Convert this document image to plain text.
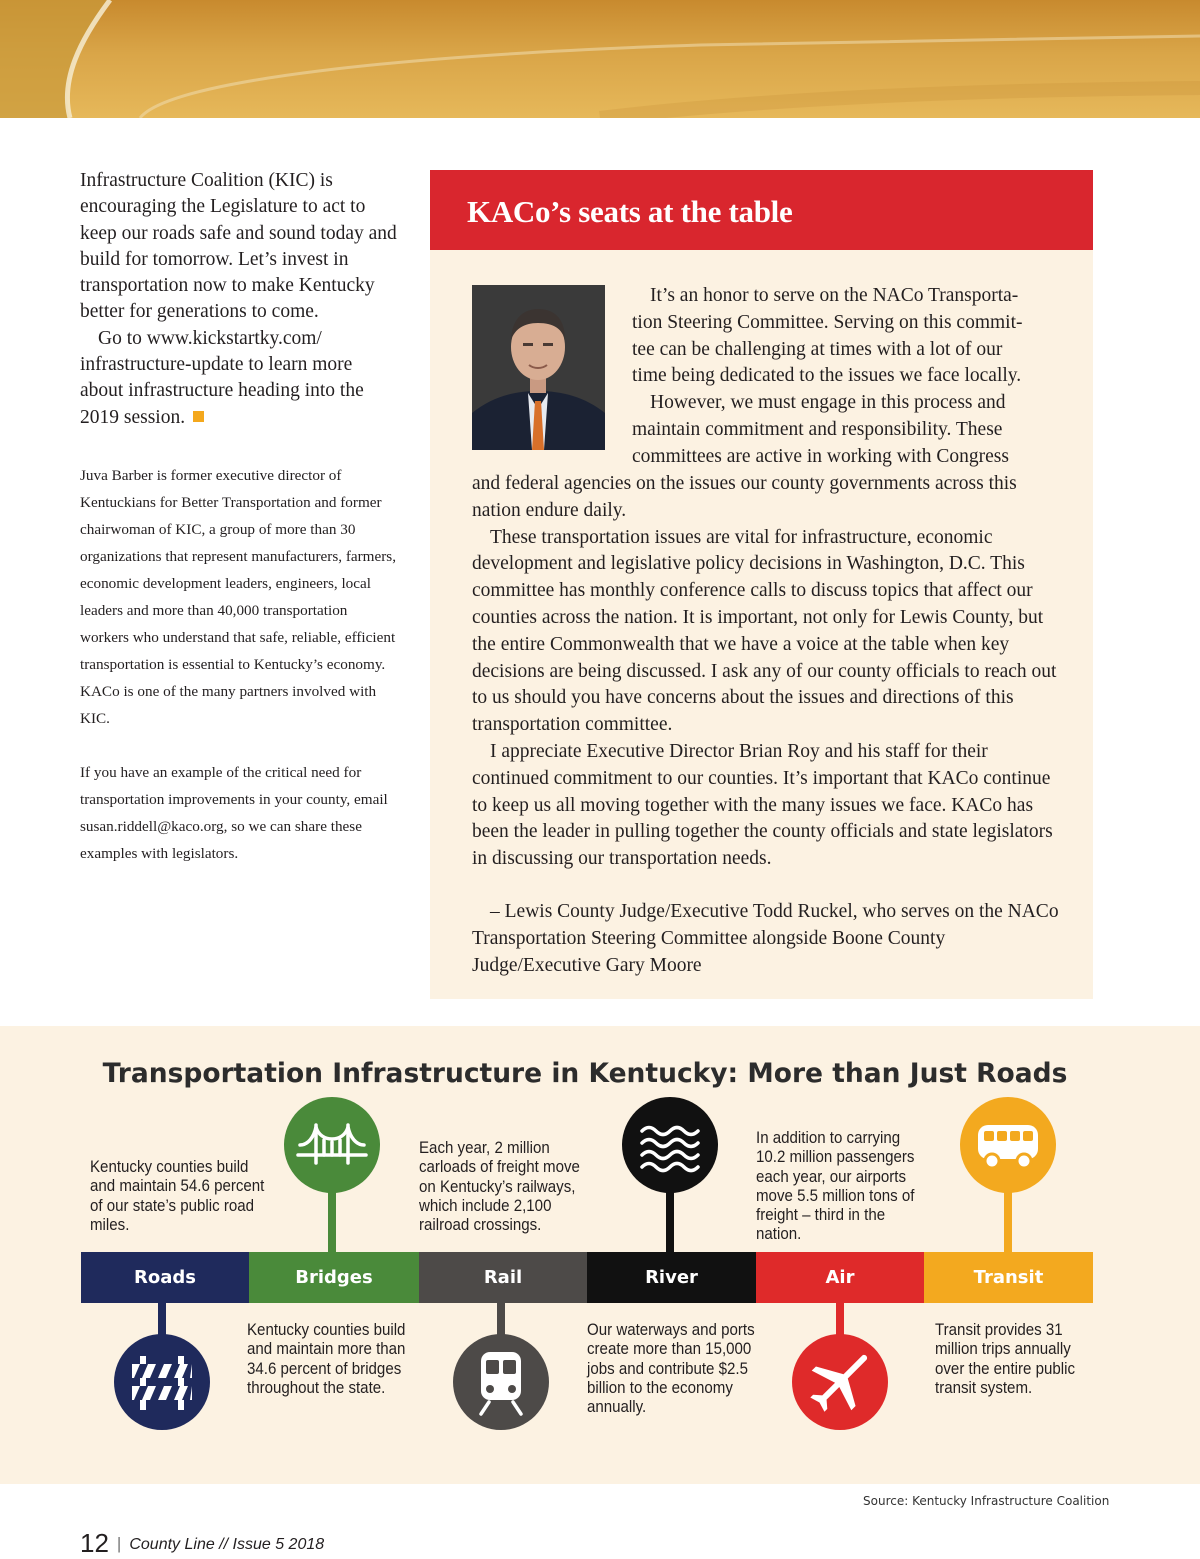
Infrastructure Coalition (KIC) is encouraging the Legislature to act to keep our roads safe and sound today and build for tomorrow. Let’s invest in transportation now to make Kentucky better for generations to come.

Go to www.kickstartky.com/ infrastructure-update to learn more about infrastructure heading into the 2019 session.

Juva Barber is former executive director of Kentuckians for Better Transportation and former chairwoman of KIC, a group of more than 30 organizations that represent manufacturers, farmers, economic development leaders, engineers, local leaders and more than 40,000 transportation workers who understand that safe, reliable, efficient transportation is essential to Kentucky’s economy. KACo is one of the many partners involved with KIC.

If you have an example of the critical need for transportation improvements in your county, email susan.riddell@kaco.org, so we can share these examples with legislators.

KACo’s seats at the table

It’s an honor to serve on the NACo Transporta-

tion Steering Committee. Serving on this commit-

tee can be challenging at times with a lot of our

time being dedicated to the issues we face locally.

However, we must engage in this process and

maintain commitment and responsibility. These

committees are active in working with Congress

and federal agencies on the issues our county governments across this nation endure daily.

These transportation issues are vital for infrastructure, economic development and legislative policy decisions in Washington, D.C. This committee has monthly conference calls to discuss topics that affect our counties across the nation. It is important, not only for Lewis County, but the entire Commonwealth that we have a voice at the table when key decisions are being discussed. I ask any of our county officials to reach out to us should you have concerns about the issues and directions of this transportation committee.

I appreciate Executive Director Brian Roy and his staff for their continued commitment to our counties. It’s important that KACo continue to keep us all moving together with the many issues we face. KACo has been the leader in pulling together the county officials and state legislators in discussing our transportation needs.

– Lewis County Judge/Executive Todd Ruckel, who serves on the NACo Transportation Steering Committee alongside Boone County Judge/Executive Gary Moore

Transportation Infrastructure in Kentucky: More than Just Roads

Kentucky counties build and maintain 54.6 percent of our state’s public road miles.

Kentucky counties build and maintain more than 34.6 percent of bridges throughout the state.

Each year, 2 million carloads of freight move on Kentucky’s railways, which include 2,100 railroad crossings.

Our waterways and ports create more than 15,000 jobs and contribute $2.5 billion to the economy annually.

In addition to carrying 10.2 million passengers each year, our airports move 5.5 million tons of freight – third in the nation.

Transit provides 31 million trips annually over the entire public transit system.

Roads	Bridges	Rail	River	Air	Transit

Source: Kentucky Infrastructure Coalition

12 | County Line // Issue 5 2018
